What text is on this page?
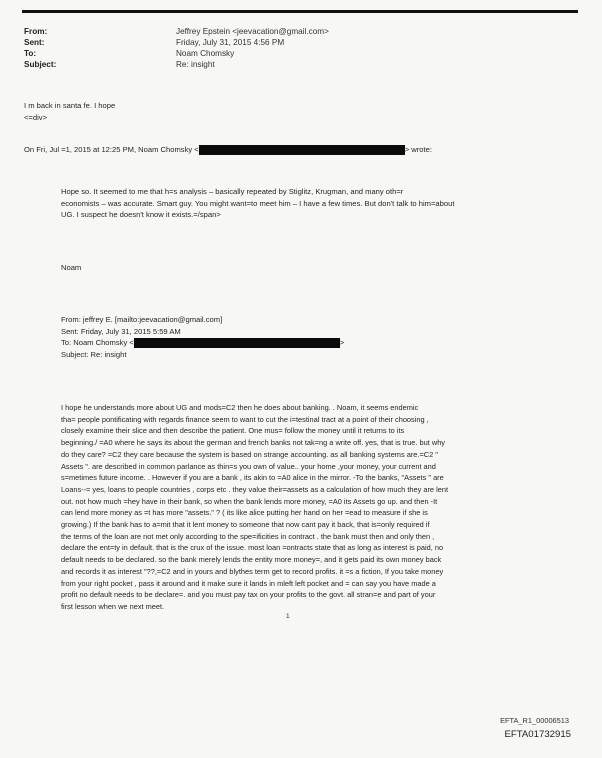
From:	Jeffrey Epstein <jeevacation@gmail.com>
Sent:	Friday, July 31, 2015 4:56 PM
To:	Noam Chomsky
Subject:	Re: insight
I m back in santa fe. I hope
<=div>
On Fri, Jul =1, 2015 at 12:25 PM, Noam Chomsky <	> wrote:
Hope so. It seemed to me that h=s analysis – basically repeated by Stiglitz, Krugman, and many oth=r
economists – was accurate. Smart guy. You might want=to meet him – I have a few times. But don't talk to him=about
UG. I suspect he doesn't know it exists.=/span>
Noam
From: jeffrey E. [mailto:jeevacation@gmail.com]
Sent: Friday, July 31, 2015 5:59 AM
To: Noam Chomsky <	>
Subject: Re: insight
I hope he understands more about UG and mods=C2 then he does about banking. . Noam, it seems endemic
tha= people pontificating with regards finance seem to want to cut the i=testinal tract at a point of their choosing ,
closely examine their slice and then describe the patient. One mus= follow the money until it returns to its
beginning./ =A0 where he says its about the german and french banks not tak=ng a write off. yes, that is true. but why
do they care? =C2 they care because the system is based on strange accounting. as all banking systems are.=C2 "
Assets ". are described in common parlance as thin=s you own of value.. your home ,your money, your current and
s=metimes future income. . However if you are a bank , its akin to =A0 alice in the mirror. -To the banks, "Assets " are
Loans--= yes, loans to people countries , corps etc . they value their=assets as a calculation of how much they are lent
out. not how much =hey have in their bank, so when the bank lends more money, =A0 its Assets go up. and then -It
can lend more money as =t has more "assets." ? ( its like alice putting her hand on her =ead to measure if she is
growing.) If the bank has to a=mit that it lent money to someone that now cant pay it back, that is=only required if
the terms of the loan are not met only according to the spe=ificities in contract . the bank must then and only then ,
declare the ent=ty in default. that is the crux of the issue. most loan =ontracts state that as long as interest is paid, no
default needs to be declared. so the bank merely lends the entity more money=, and it gets paid its own money back
and records it as interest "??,=C2 and in yours and blythes term get to record profits. it =s a fiction, If you take money
from your right pocket , pass it around and it make sure it lands in mleft left pocket and = can say you have made a
profit no default needs to be declare=. and you must pay tax on your profits to the govt. all stran=e and part of your
first lesson when we next meet.
1
EFTA_R1_00006513
EFTA01732915
